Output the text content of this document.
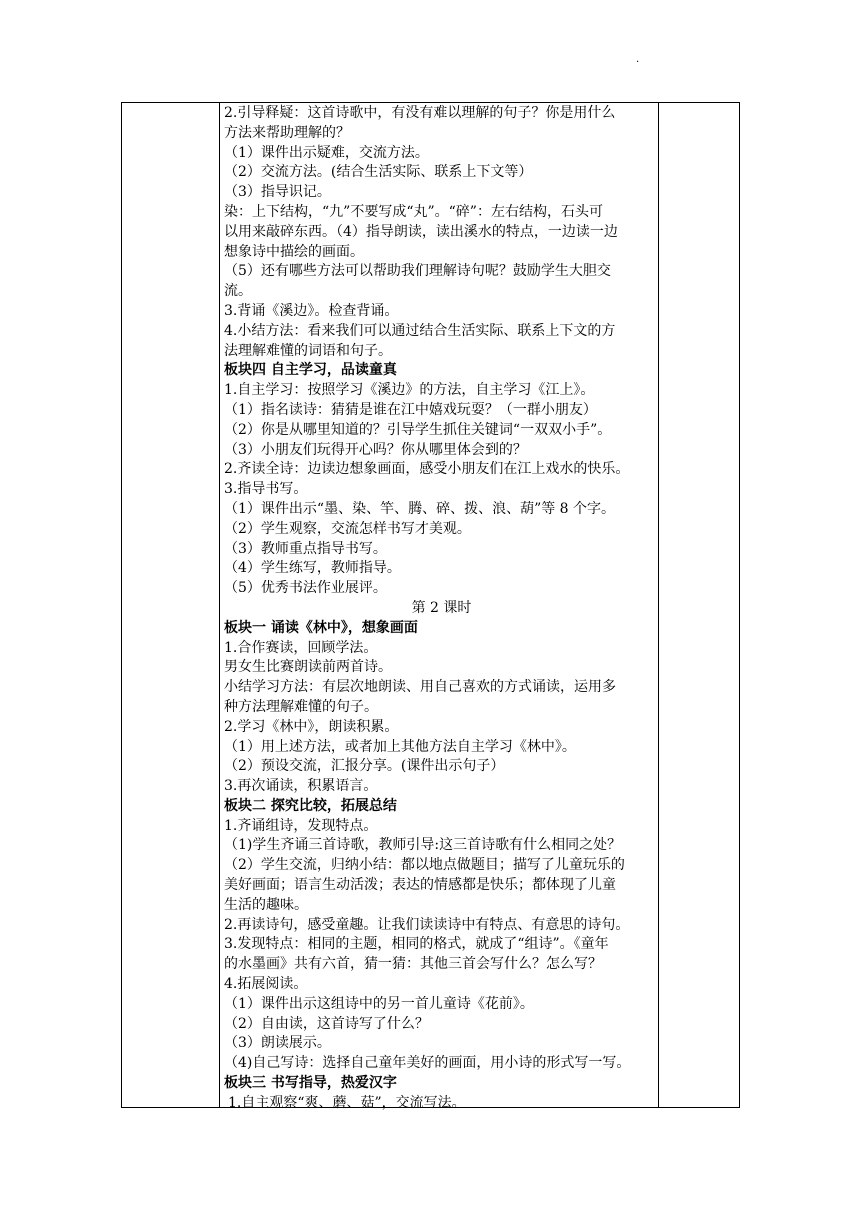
·
2.引导释疑：这首诗歌中，有没有难以理解的句子？你是用什么
方法来帮助理解的？
（1）课件出示疑难，交流方法。
（2）交流方法。(结合生活实际、联系上下文等）
（3）指导识记。
染：上下结构，“九”不要写成“丸”。“碎”：左右结构，石头可
以用来敲碎东西。（4）指导朗读，读出溪水的特点，一边读一边
想象诗中描绘的画面。
（5）还有哪些方法可以帮助我们理解诗句呢？鼓励学生大胆交
流。
3.背诵《溪边》。检查背诵。
4.小结方法：看来我们可以通过结合生活实际、联系上下文的方
法理解难懂的词语和句子。
板块四 自主学习，品读童真
1.自主学习：按照学习《溪边》的方法，自主学习《江上》。
（1）指名读诗：猜猜是谁在江中嬉戏玩耍？（一群小朋友）
（2）你是从哪里知道的？引导学生抓住关键词“一双双小手”。
（3）小朋友们玩得开心吗？你从哪里体会到的？
2.齐读全诗：边读边想象画面，感受小朋友们在江上戏水的快乐。
3.指导书写。
（1）课件出示“墨、染、竿、腾、碎、拨、浪、葫”等 8 个字。
（2）学生观察，交流怎样书写才美观。
（3）教师重点指导书写。
（4）学生练写，教师指导。
（5）优秀书法作业展评。
第 2 课时
板块一 诵读《林中》，想象画面
1.合作赛读，回顾学法。
男女生比赛朗读前两首诗。
小结学习方法：有层次地朗读、用自己喜欢的方式诵读，运用多
种方法理解难懂的句子。
2.学习《林中》，朗读积累。
（1）用上述方法，或者加上其他方法自主学习《林中》。
（2）预设交流，汇报分享。(课件出示句子）
3.再次诵读，积累语言。
板块二 探究比较，拓展总结
1.齐诵组诗，发现特点。
（1)学生齐诵三首诗歌，教师引导:这三首诗歌有什么相同之处？
（2）学生交流，归纳小结：都以地点做题目；描写了儿童玩乐的
美好画面；语言生动活泼；表达的情感都是快乐；都体现了儿童
生活的趣味。
2.再读诗句，感受童趣。让我们读读诗中有特点、有意思的诗句。
3.发现特点：相同的主题，相同的格式，就成了“组诗”。《童年
的水墨画》共有六首，猜一猜：其他三首会写什么？怎么写？
4.拓展阅读。
（1）课件出示这组诗中的另一首儿童诗《花前》。
（2）自由读，这首诗写了什么？
（3）朗读展示。
（4)自己写诗：选择自己童年美好的画面，用小诗的形式写一写。
板块三 书写指导，热爱汉字
1.自主观察“爽、蘑、菇”，交流写法。
